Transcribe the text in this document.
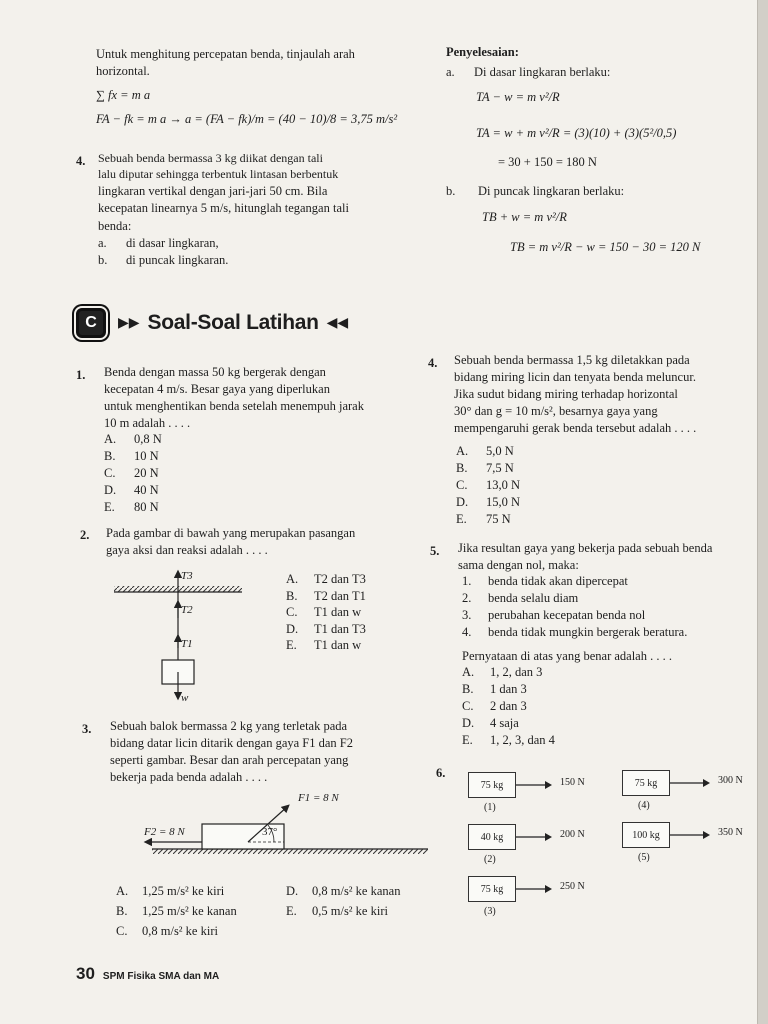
Untuk menghitung percepatan benda, tinjaulah arah
horizontal.
∑ fx = m a
FA − fk = m a → a = (FA − fk)/m = (40 − 10)/8 = 3,75 m/s²
4. Sebuah benda bermassa 3 kg diikat dengan tali
lalu diputar sehingga terbentuk lintasan berbentuk
lingkaran vertikal dengan jari-jari 50 cm. Bila
kecepatan linearnya 5 m/s, hitunglah tegangan tali
benda:
a. di dasar lingkaran,
b. di puncak lingkaran.
Penyelesaian:
a. Di dasar lingkaran berlaku:
TA − w = m v²/R
TA = w + m v²/R = (3)(10) + (3)(5²/0,5)
= 30 + 150 = 180 N
b. Di puncak lingkaran berlaku:
TB + w = m v²/R
TB = m v²/R − w = 150 − 30 = 120 N
C	▶▶ Soal-Soal Latihan ◀◀
1. Benda dengan massa 50 kg bergerak dengan
kecepatan 4 m/s. Besar gaya yang diperlukan
untuk menghentikan benda setelah menempuh jarak
10 m adalah . . . .
A. 0,8 N
B. 10 N
C. 20 N
D. 40 N
E. 80 N
2. Pada gambar di bawah yang merupakan pasangan
gaya aksi dan reaksi adalah . . . .
T3
T2
T1
w
A. T2 dan T3
B. T2 dan T1
C. T1 dan w
D. T1 dan T3
E. T1 dan w
3. Sebuah balok bermassa 2 kg yang terletak pada
bidang datar licin ditarik dengan gaya F1 dan F2
seperti gambar. Besar dan arah percepatan yang
bekerja pada benda adalah . . . .
F1 = 8 N
F2 = 8 N	37°
A. 1,25 m/s² ke kiri
B. 1,25 m/s² ke kanan
C. 0,8 m/s² ke kiri
D. 0,8 m/s² ke kanan
E. 0,5 m/s² ke kiri
4. Sebuah benda bermassa 1,5 kg diletakkan pada
bidang miring licin dan tenyata benda meluncur.
Jika sudut bidang miring terhadap horizontal
30° dan g = 10 m/s², besarnya gaya yang
mempengaruhi gerak benda tersebut adalah . . . .
A. 5,0 N
B. 7,5 N
C. 13,0 N
D. 15,0 N
E. 75 N
5. Jika resultan gaya yang bekerja pada sebuah benda
sama dengan nol, maka:
1. benda tidak akan dipercepat
2. benda selalu diam
3. perubahan kecepatan benda nol
4. benda tidak mungkin bergerak beratura.
Pernyataan di atas yang benar adalah . . . .
A. 1, 2, dan 3
B. 1 dan 3
C. 2 dan 3
D. 4 saja
E. 1, 2, 3, dan 4
6.
75 kg	150 N
(1)
40 kg	200 N
(2)
75 kg	250 N
(3)
75 kg	300 N
(4)
100 kg	350 N
(5)
30 SPM Fisika SMA dan MA
